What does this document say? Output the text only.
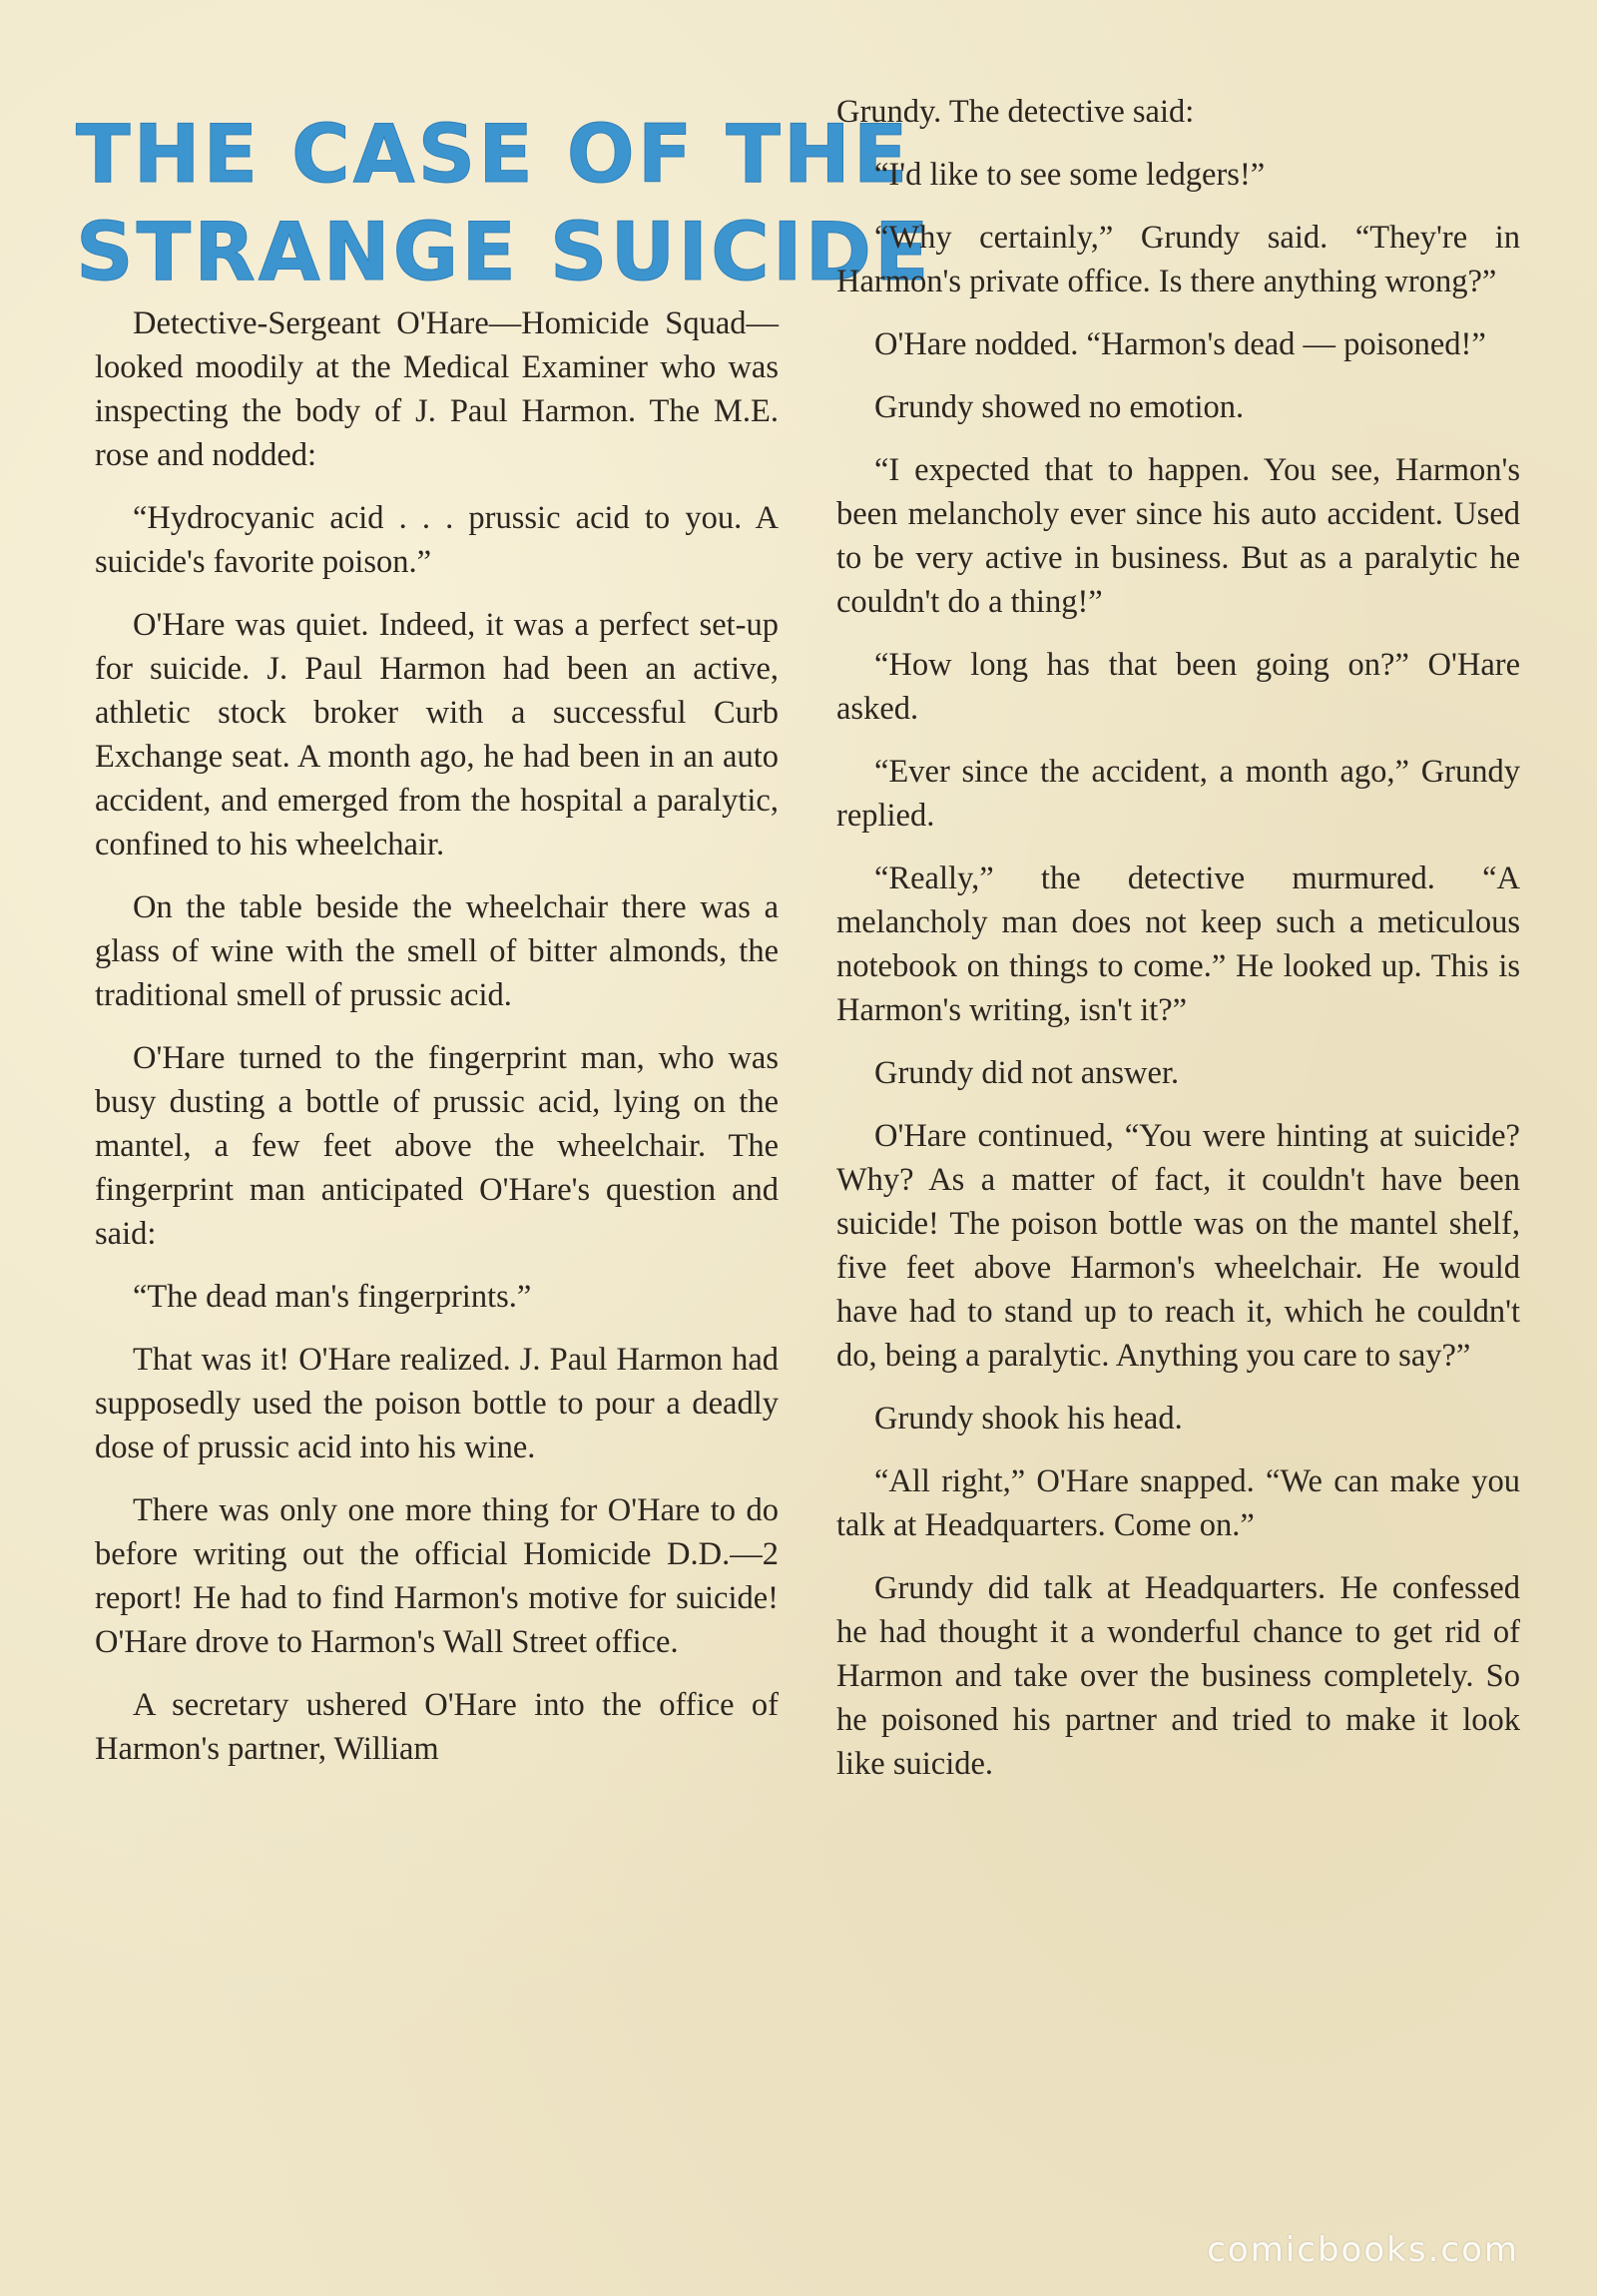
THE CASE OF THE
STRANGE SUICIDE

Detective-Sergeant O'Hare—Homicide Squad—looked moodily at the Medical Examiner who was inspecting the body of J. Paul Harmon. The M.E. rose and nodded:

“Hydrocyanic acid . . . prussic acid to you. A suicide's favorite poison.”

O'Hare was quiet. Indeed, it was a perfect set-up for suicide. J. Paul Harmon had been an active, athletic stock broker with a successful Curb Exchange seat. A month ago, he had been in an auto accident, and emerged from the hospital a paralytic, confined to his wheelchair.

On the table beside the wheelchair there was a glass of wine with the smell of bitter almonds, the traditional smell of prussic acid.

O'Hare turned to the fingerprint man, who was busy dusting a bottle of prussic acid, lying on the mantel, a few feet above the wheelchair. The fingerprint man anticipated O'Hare's question and said:

“The dead man's fingerprints.”

That was it! O'Hare realized. J. Paul Harmon had supposedly used the poison bottle to pour a deadly dose of prussic acid into his wine.

There was only one more thing for O'Hare to do before writing out the official Homicide D.D.—2 report! He had to find Harmon's motive for suicide! O'Hare drove to Harmon's Wall Street office.

A secretary ushered O'Hare into the office of Harmon's partner, William

Grundy. The detective said:

“I'd like to see some ledgers!”

“Why certainly,” Grundy said. “They're in Harmon's private office. Is there anything wrong?”

O'Hare nodded. “Harmon's dead — poisoned!”

Grundy showed no emotion.

“I expected that to happen. You see, Harmon's been melancholy ever since his auto accident. Used to be very active in business. But as a paralytic he couldn't do a thing!”

“How long has that been going on?” O'Hare asked.

“Ever since the accident, a month ago,” Grundy replied.

“Really,” the detective murmured. “A melancholy man does not keep such a meticulous notebook on things to come.” He looked up. This is Harmon's writing, isn't it?”

Grundy did not answer.

O'Hare continued, “You were hinting at suicide? Why? As a matter of fact, it couldn't have been suicide! The poison bottle was on the mantel shelf, five feet above Harmon's wheelchair. He would have had to stand up to reach it, which he couldn't do, being a paralytic. Anything you care to say?”

Grundy shook his head.

“All right,” O'Hare snapped. “We can make you talk at Headquarters. Come on.”

Grundy did talk at Headquarters. He confessed he had thought it a wonderful chance to get rid of Harmon and take over the business completely. So he poisoned his partner and tried to make it look like suicide.

comicbooks.com
